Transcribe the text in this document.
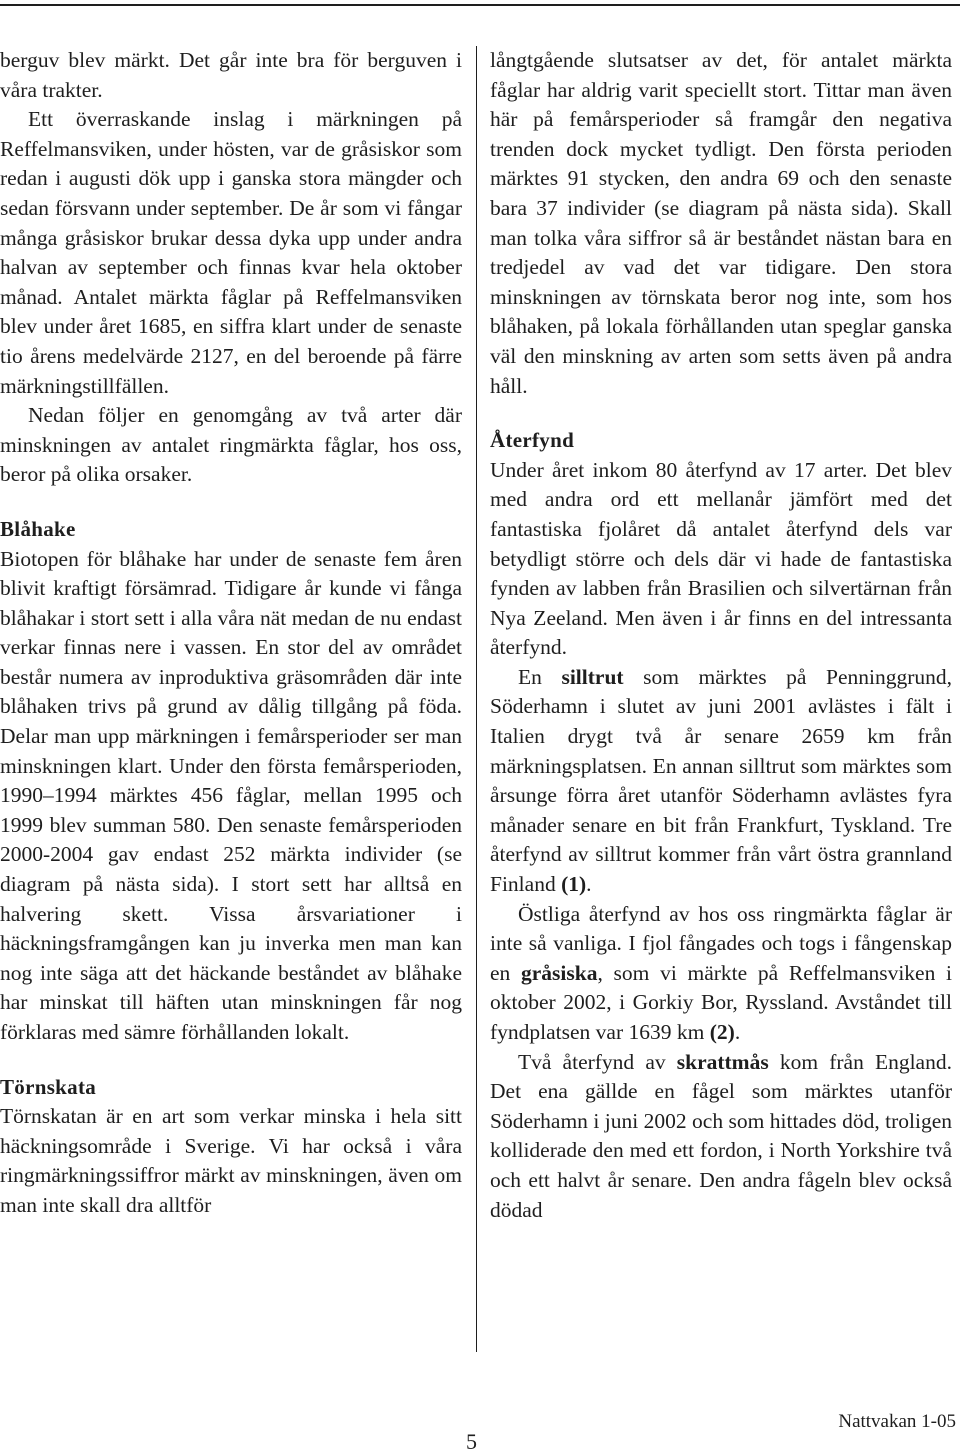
berguv blev märkt. Det går inte bra för berguven i våra trakter.

Ett överraskande inslag i märkningen på Reffelmansviken, under hösten, var de gråsiskor som redan i augusti dök upp i ganska stora mängder och sedan försvann under september. De år som vi fångar många gråsiskor brukar dessa dyka upp under andra halvan av september och finnas kvar hela oktober månad. Antalet märkta fåglar på Reffelmansviken blev under året 1685, en siffra klart under de senaste tio årens medelvärde 2127, en del beroende på färre märkningstillfällen.

Nedan följer en genomgång av två arter där minskningen av antalet ringmärkta fåglar, hos oss, beror på olika orsaker.

Blåhake

Biotopen för blåhake har under de senaste fem åren blivit kraftigt försämrad. Tidigare år kunde vi fånga blåhakar i stort sett i alla våra nät medan de nu endast verkar finnas nere i vassen. En stor del av området består numera av inproduktiva gräsområden där inte blåhaken trivs på grund av dålig tillgång på föda. Delar man upp märkningen i femårsperioder ser man minskningen klart. Under den första femårsperioden, 1990–1994 märktes 456 fåglar, mellan 1995 och 1999 blev summan 580. Den senaste femårsperioden 2000-2004 gav endast 252 märkta individer (se diagram på nästa sida). I stort sett har alltså en halvering skett. Vissa årsvariationer i häckningsframgången kan ju inverka men man kan nog inte säga att det häckande beståndet av blåhake har minskat till häften utan minskningen får nog förklaras med sämre förhållanden lokalt.

Törnskata

Törnskatan är en art som verkar minska i hela sitt häckningsområde i Sverige. Vi har också i våra ringmärkningssiffror märkt av minskningen, även om man inte skall dra alltför

långtgående slutsatser av det, för antalet märkta fåglar har aldrig varit speciellt stort. Tittar man även här på femårsperioder så framgår den negativa trenden dock mycket tydligt. Den första perioden märktes 91 stycken, den andra 69 och den senaste bara 37 individer (se diagram på nästa sida). Skall man tolka våra siffror så är beståndet nästan bara en tredjedel av vad det var tidigare. Den stora minskningen av törnskata beror nog inte, som hos blåhaken, på lokala förhållanden utan speglar ganska väl den minskning av arten som setts även på andra håll.

Återfynd

Under året inkom 80 återfynd av 17 arter. Det blev med andra ord ett mellanår jämfört med det fantastiska fjolåret då antalet återfynd dels var betydligt större och dels där vi hade de fantastiska fynden av labben från Brasilien och silvertärnan från Nya Zeeland. Men även i år finns en del intressanta återfynd.

En silltrut som märktes på Penninggrund, Söderhamn i slutet av juni 2001 avlästes i fält i Italien drygt två år senare 2659 km från märkningsplatsen. En annan silltrut som märktes som årsunge förra året utanför Söderhamn avlästes fyra månader senare en bit från Frankfurt, Tyskland. Tre återfynd av silltrut kommer från vårt östra grannland Finland (1).

Östliga återfynd av hos oss ringmärkta fåglar är inte så vanliga. I fjol fångades och togs i fångenskap en gråsiska, som vi märkte på Reffelmansviken i oktober 2002, i Gorkiy Bor, Ryssland. Avståndet till fyndplatsen var 1639 km (2).

Två återfynd av skrattmås kom från England. Det ena gällde en fågel som märktes utanför Söderhamn i juni 2002 och som hittades död, troligen kolliderade den med ett fordon, i North Yorkshire två och ett halvt år senare. Den andra fågeln blev också dödad

5
Nattvakan 1-05
